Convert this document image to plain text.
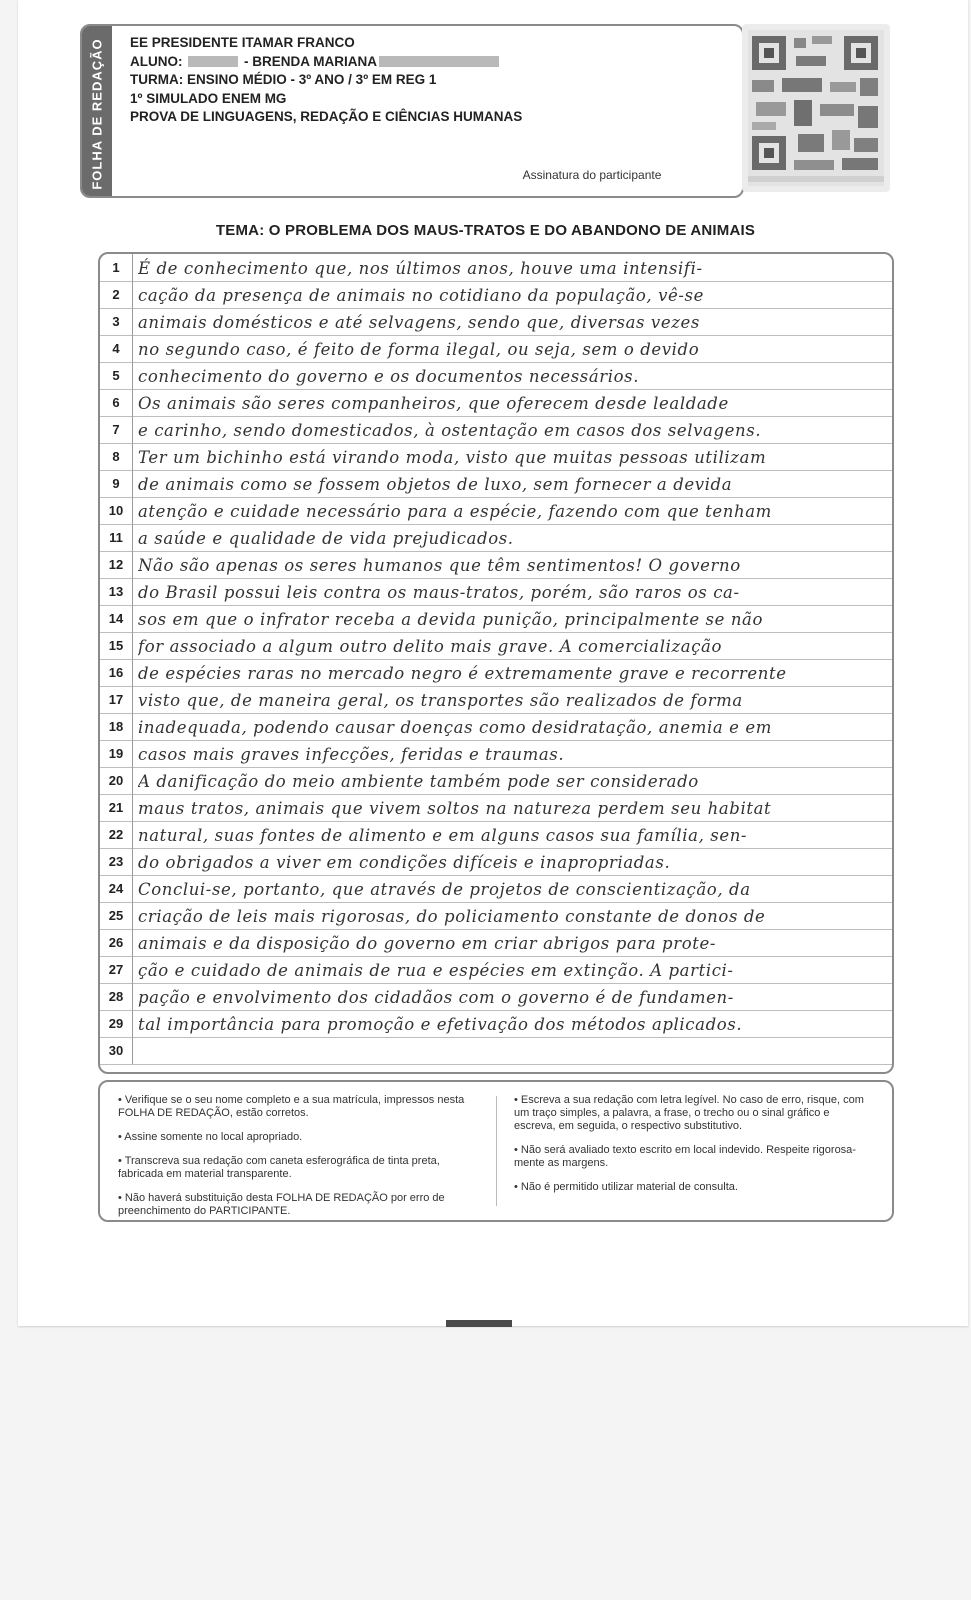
FOLHA DE REDAÇÃO EE PRESIDENTE ITAMAR FRANCO
ALUNO:	- BRENDA MARIANA
TURMA: ENSINO MÉDIO - 3º ANO / 3º EM REG 1
1º SIMULADO ENEM MG
PROVA DE LINGUAGENS, REDAÇÃO E CIÊNCIAS HUMANAS
Assinatura do participante
TEMA: O PROBLEMA DOS MAUS-TRATOS E DO ABANDONO DE ANIMAIS
1	É de conhecimento que, nos últimos anos, houve uma intensifi-
2	cação da presença de animais no cotidiano da população, vê-se
3	animais domésticos e até selvagens, sendo que, diversas vezes
4	no segundo caso, é feito de forma ilegal, ou seja, sem o devido
5	conhecimento do governo e os documentos necessários.
6	Os animais são seres companheiros, que oferecem desde lealdade
7	e carinho, sendo domesticados, à ostentação em casos dos selvagens.
8	Ter um bichinho está virando moda, visto que muitas pessoas utilizam
9	de animais como se fossem objetos de luxo, sem fornecer a devida
10 atenção e cuidade necessário para a espécie, fazendo com que tenham
11 a saúde e qualidade de vida prejudicados.
12 Não são apenas os seres humanos que têm sentimentos! O governo
13 do Brasil possui leis contra os maus-tratos, porém, são raros os ca-
14 sos em que o infrator receba a devida punição, principalmente se não
15 for associado a algum outro delito mais grave. A comercialização
16 de espécies raras no mercado negro é extremamente grave e recorrente
17 visto que, de maneira geral, os transportes são realizados de forma
18 inadequada, podendo causar doenças como desidratação, anemia e em
19 casos mais graves infecções, feridas e traumas.
20 A danificação do meio ambiente também pode ser considerado
21 maus tratos, animais que vivem soltos na natureza perdem seu habitat
22 natural, suas fontes de alimento e em alguns casos sua família, sen-
23 do obrigados a viver em condições difíceis e inapropriadas.
24 Conclui-se, portanto, que através de projetos de conscientização, da
25 criação de leis mais rigorosas, do policiamento constante de donos de
26 animais e da disposição do governo em criar abrigos para prote-
27 ção e cuidado de animais de rua e espécies em extinção. A partici-
28 pação e envolvimento dos cidadãos com o governo é de fundamen-
29 tal importância para promoção e efetivação dos métodos aplicados.
30

• Verifique se o seu nome completo e a sua matrícula, impressos nesta FOLHA DE REDAÇÃO, estão corretos.

• Assine somente no local apropriado.

• Transcreva sua redação com caneta esferográfica de tinta preta, fabricada em material transparente.

• Não haverá substituição desta FOLHA DE REDAÇÃO por erro de preenchimento do PARTICIPANTE.

• Escreva a sua redação com letra legível. No caso de erro, risque, com um traço simples, a palavra, a frase, o trecho ou o sinal gráfico e escreva, em seguida, o respectivo substitutivo.

• Não será avaliado texto escrito em local indevido. Respeite rigorosa-mente as margens.

• Não é permitido utilizar material de consulta.
